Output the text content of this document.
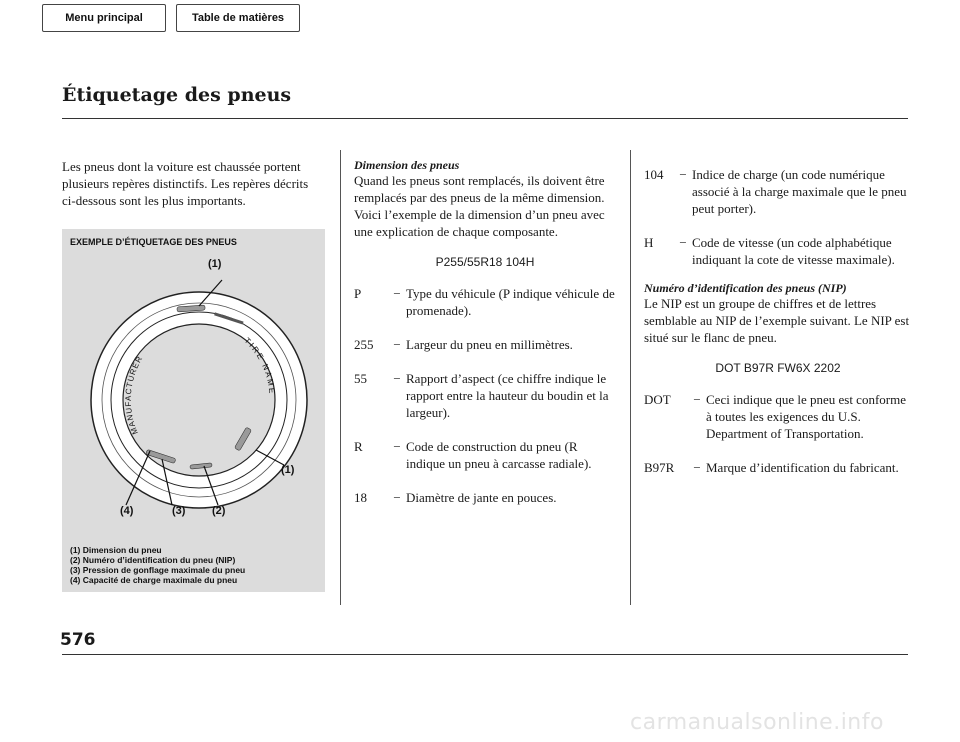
Menu principal	Table de matières
Étiquetage des pneus

Les pneus dont la voiture est chaussée portent plusieurs repères distinctifs. Les repères décrits ci-dessous sont les plus importants.

EXEMPLE D’ÉTIQUETAGE DES PNEUS
MANUFACTURER
TIRE NAME
(1)
(1)
(4)	(3) (2)
(1) Dimension du pneu
(2) Numéro d’identification du pneu (NIP)
(3) Pression de gonflage maximale du pneu
(4) Capacité de charge maximale du pneu
Dimension des pneus

Quand les pneus sont remplacés, ils doivent être remplacés par des pneus de la même dimension. Voici l’exemple de la dimension d’un pneu avec une explication de chaque composante.

P255/55R18 104H
P	− Type du véhicule (P indique véhicule de promenade).
255	− Largeur du pneu en millimètres.
55	− Rapport d’aspect (ce chiffre indique le rapport entre la hauteur du boudin et la largeur).
R	− Code de construction du pneu (R indique un pneu à carcasse radiale).
18	− Diamètre de jante en pouces.
104	− Indice de charge (un code numérique associé à la charge maximale que le pneu peut porter).
H	− Code de vitesse (un code alphabétique indiquant la cote de vitesse maximale).
Numéro d’identification des pneus (NIP)

Le NIP est un groupe de chiffres et de lettres semblable au NIP de l’exemple suivant. Le NIP est situé sur le flanc de pneu.

DOT B97R FW6X 2202
DOT	− Ceci indique que le pneu est conforme à toutes les exigences du U.S. Department of Transportation.
B97R	− Marque d’identification du fabricant.
576
carmanualsonline.info
